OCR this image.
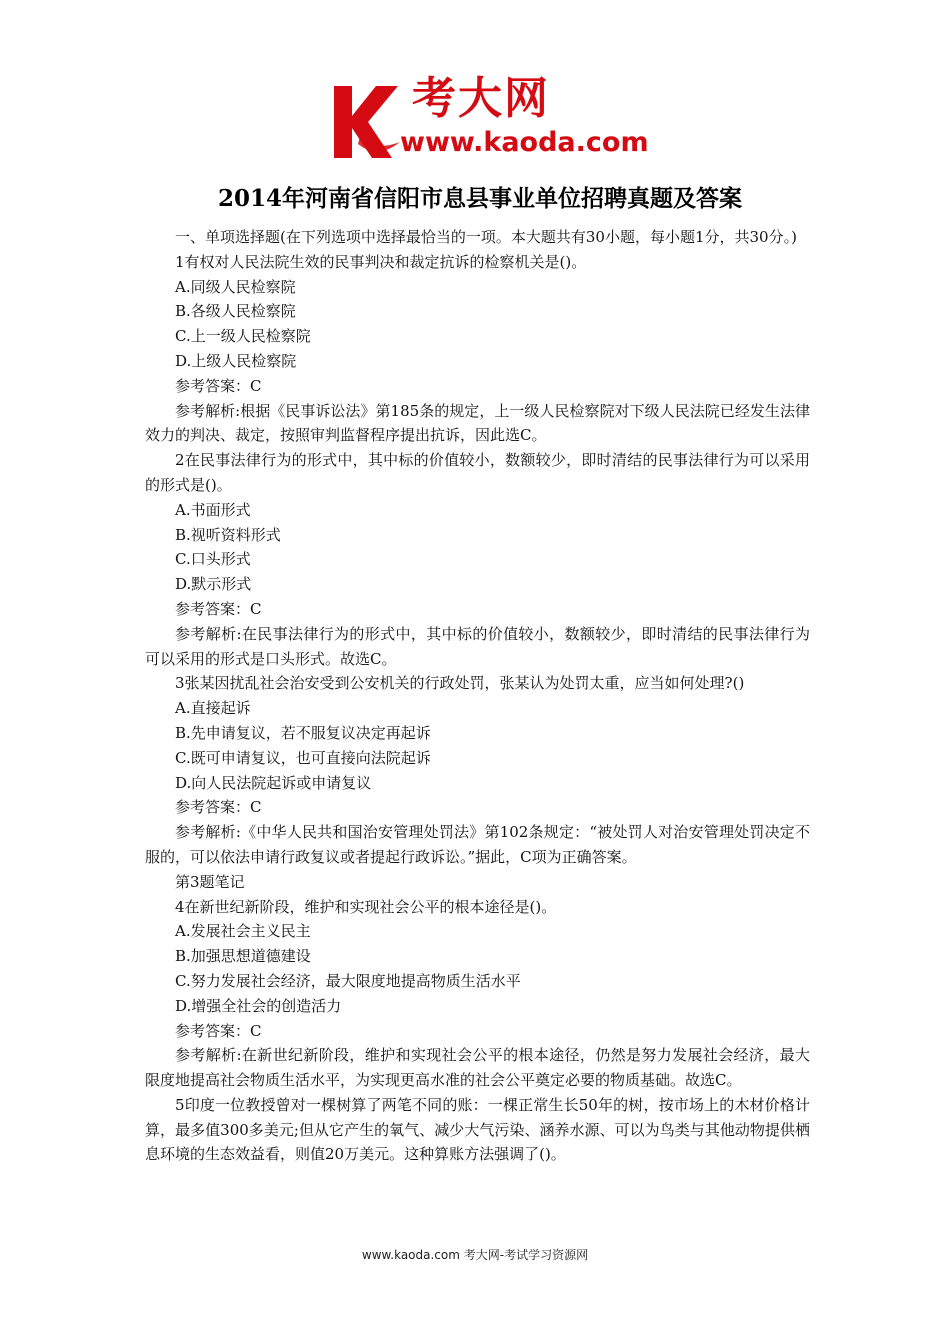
考大网
www.kaoda.com
2014年河南省信阳市息县事业单位招聘真题及答案

一、单项选择题(在下列选项中选择最恰当的一项。本大题共有30小题，每小题1分，共30分。)

1有权对人民法院生效的民事判决和裁定抗诉的检察机关是()。

A.同级人民检察院

B.各级人民检察院

C.上一级人民检察院

D.上级人民检察院

参考答案：C

参考解析:根据《民事诉讼法》第185条的规定，上一级人民检察院对下级人民法院已经发生法律效力的判决、裁定，按照审判监督程序提出抗诉，因此选C。

2在民事法律行为的形式中，其中标的价值较小，数额较少，即时清结的民事法律行为可以采用的形式是()。

A.书面形式

B.视听资料形式

C.口头形式

D.默示形式

参考答案：C

参考解析:在民事法律行为的形式中，其中标的价值较小，数额较少，即时清结的民事法律行为可以采用的形式是口头形式。故选C。

3张某因扰乱社会治安受到公安机关的行政处罚，张某认为处罚太重，应当如何处理?()

A.直接起诉

B.先申请复议，若不服复议决定再起诉

C.既可申请复议，也可直接向法院起诉

D.向人民法院起诉或申请复议

参考答案：C

参考解析:《中华人民共和国治安管理处罚法》第102条规定：“被处罚人对治安管理处罚决定不服的，可以依法申请行政复议或者提起行政诉讼。”据此，C项为正确答案。

第3题笔记

4在新世纪新阶段，维护和实现社会公平的根本途径是()。

A.发展社会主义民主

B.加强思想道德建设

C.努力发展社会经济，最大限度地提高物质生活水平

D.增强全社会的创造活力

参考答案：C

参考解析:在新世纪新阶段，维护和实现社会公平的根本途径，仍然是努力发展社会经济，最大限度地提高社会物质生活水平，为实现更高水准的社会公平奠定必要的物质基础。故选C。

5印度一位教授曾对一棵树算了两笔不同的账：一棵正常生长50年的树，按市场上的木材价格计算，最多值300多美元;但从它产生的氧气、减少大气污染、涵养水源、可以为鸟类与其他动物提供栖息环境的生态效益看，则值20万美元。这种算账方法强调了()。

www.kaoda.com 考大网-考试学习资源网
